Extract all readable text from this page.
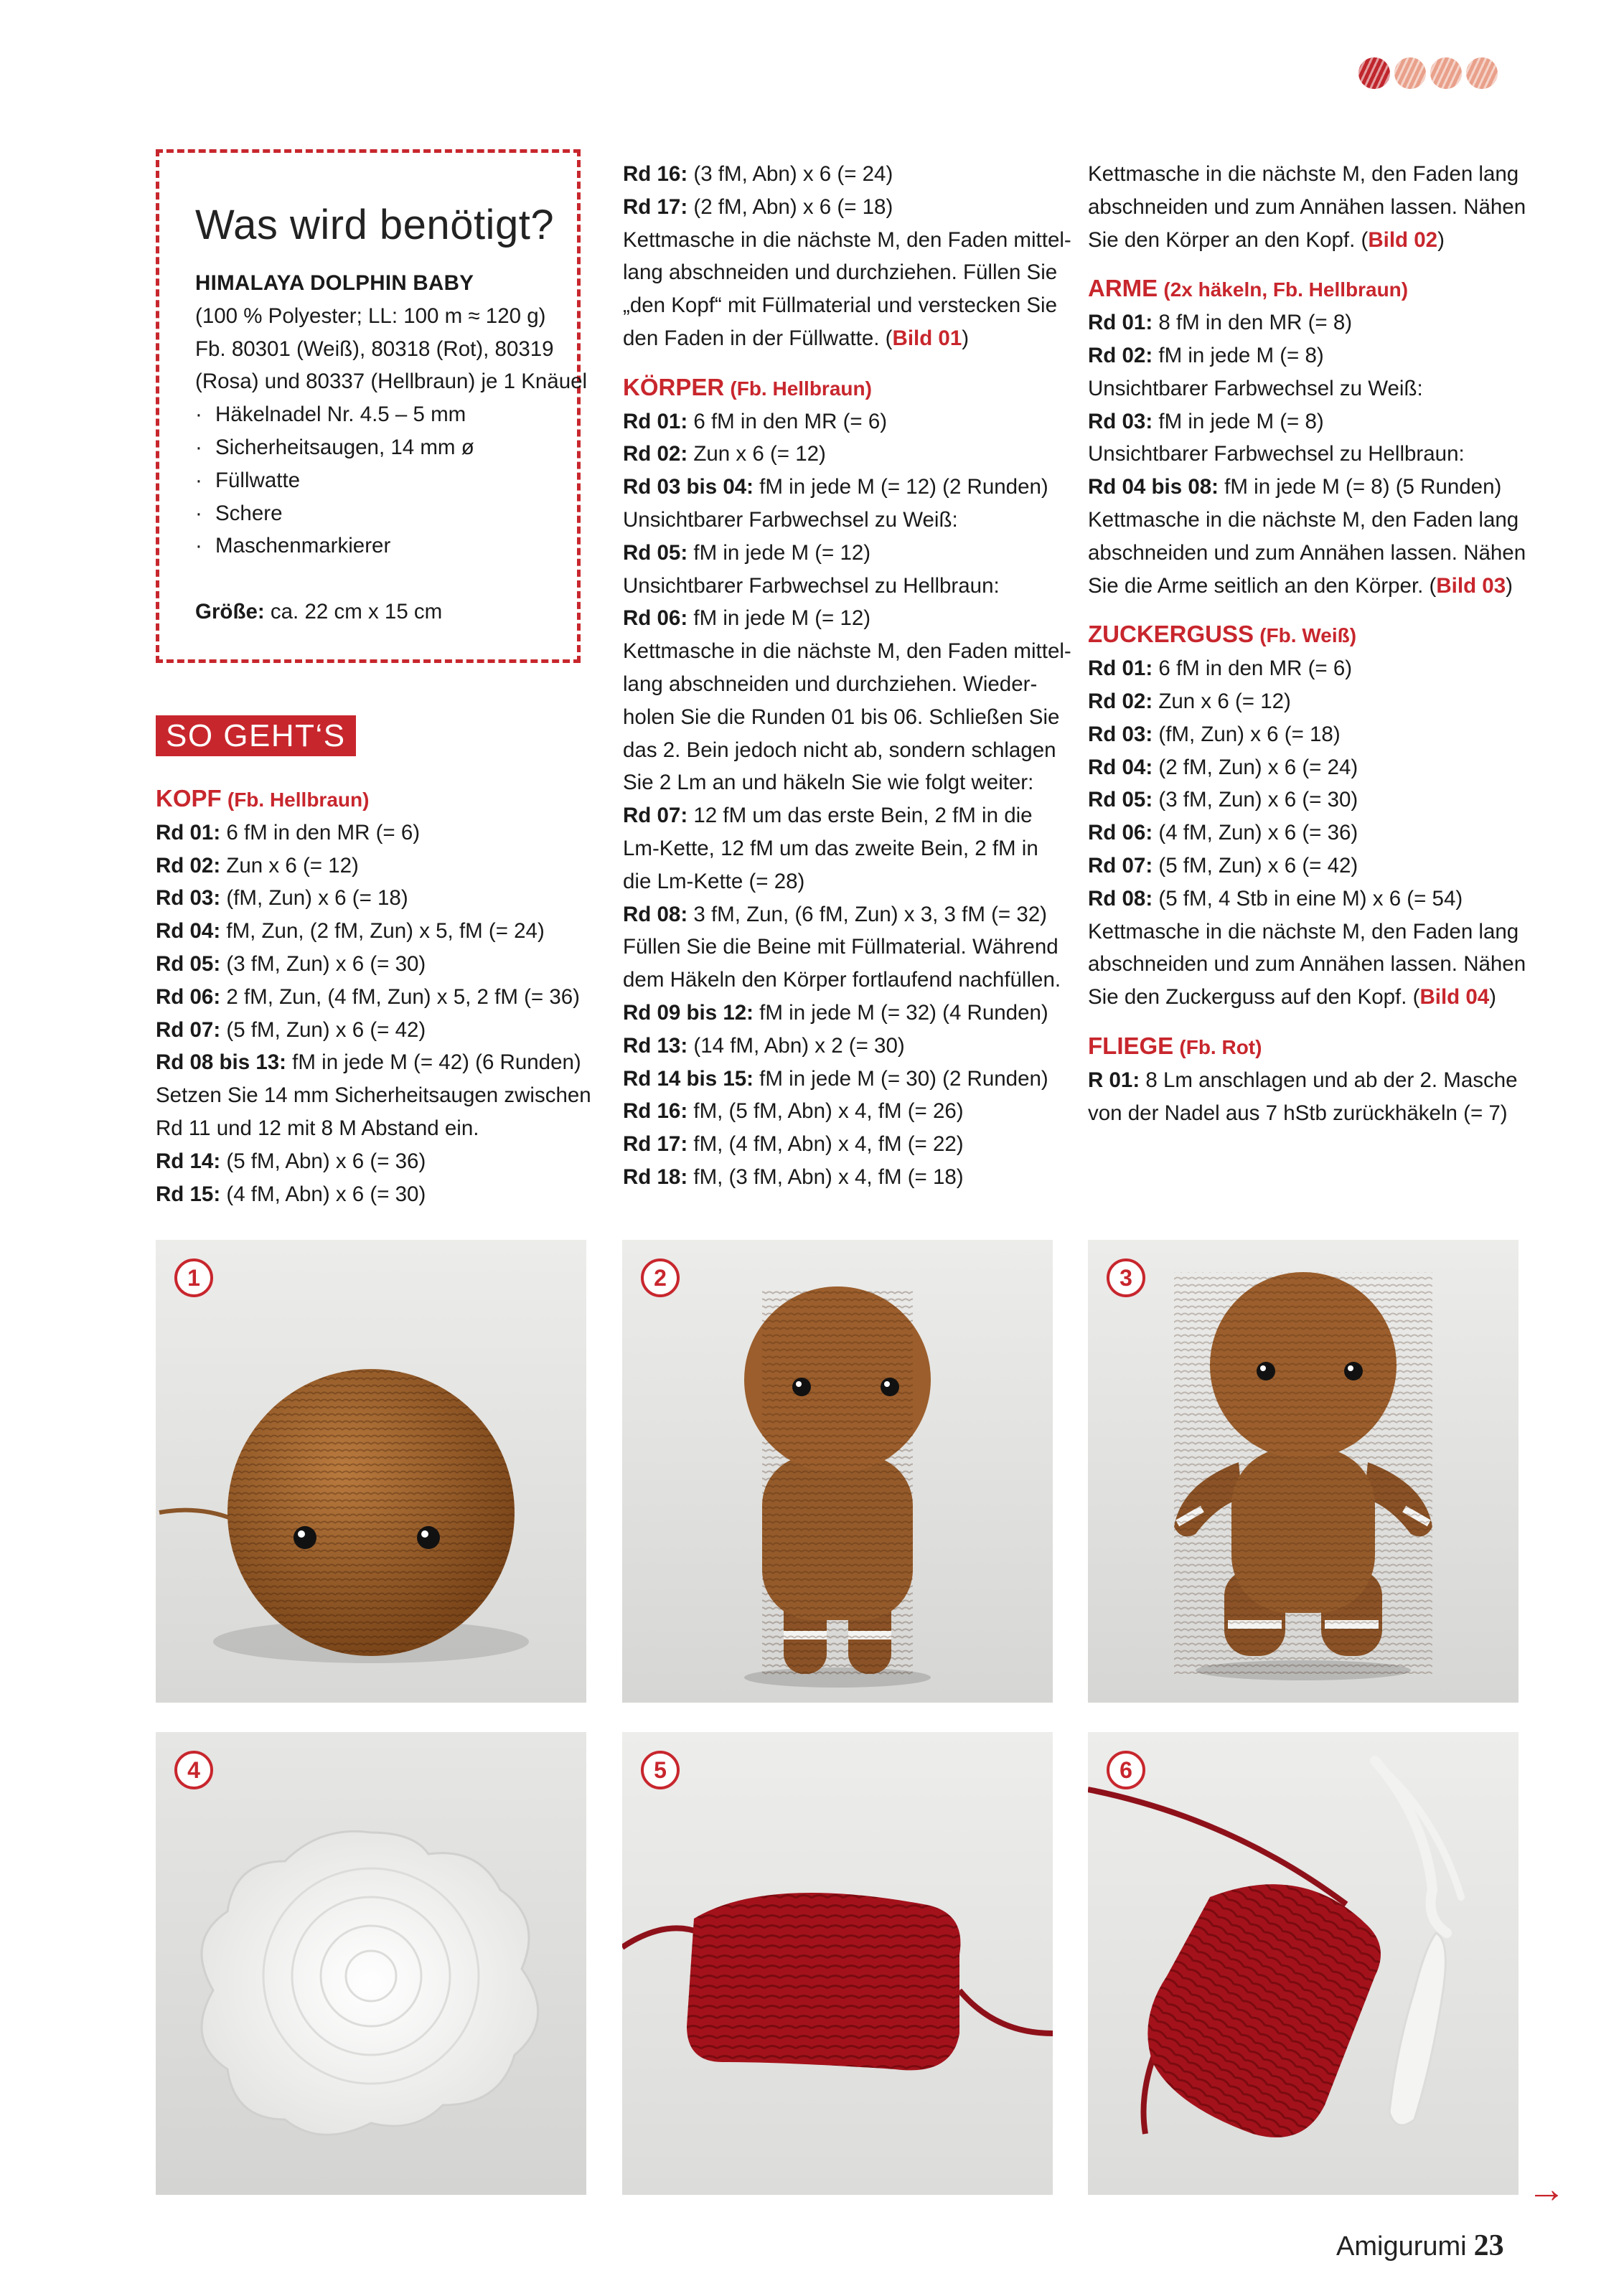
Was wird benötigt?
HIMALAYA DOLPHIN BABY
(100 % Polyester; LL: 100 m ≈ 120 g)
Fb. 80301 (Weiß), 80318 (Rot), 80319
(Rosa) und 80337 (Hellbraun) je 1 Knäuel
· Häkelnadel Nr. 4.5 – 5 mm
· Sicherheitsaugen, 14 mm ø
· Füllwatte
· Schere
· Maschenmarkierer
Größe: ca. 22 cm x 15 cm
SO GEHT‘S
KOPF (Fb. Hellbraun)
Rd 01: 6 fM in den MR (= 6)
Rd 02: Zun x 6 (= 12)
Rd 03: (fM, Zun) x 6 (= 18)
Rd 04: fM, Zun, (2 fM, Zun) x 5, fM (= 24)
Rd 05: (3 fM, Zun) x 6 (= 30)
Rd 06: 2 fM, Zun, (4 fM, Zun) x 5, 2 fM (= 36)
Rd 07: (5 fM, Zun) x 6 (= 42)
Rd 08 bis 13: fM in jede M (= 42) (6 Runden)
Setzen Sie 14 mm Sicherheitsaugen zwischen
Rd 11 und 12 mit 8 M Abstand ein.
Rd 14: (5 fM, Abn) x 6 (= 36)
Rd 15: (4 fM, Abn) x 6 (= 30)
Rd 16: (3 fM, Abn) x 6 (= 24)
Rd 17: (2 fM, Abn) x 6 (= 18)
Kettmasche in die nächste M, den Faden mittel-
lang abschneiden und durchziehen. Füllen Sie
„den Kopf“ mit Füllmaterial und verstecken Sie
den Faden in der Füllwatte. (Bild 01)
KÖRPER (Fb. Hellbraun)
Rd 01: 6 fM in den MR (= 6)
Rd 02: Zun x 6 (= 12)
Rd 03 bis 04: fM in jede M (= 12) (2 Runden)
Unsichtbarer Farbwechsel zu Weiß:
Rd 05: fM in jede M (= 12)
Unsichtbarer Farbwechsel zu Hellbraun:
Rd 06: fM in jede M (= 12)
Kettmasche in die nächste M, den Faden mittel-
lang abschneiden und durchziehen. Wieder-
holen Sie die Runden 01 bis 06. Schließen Sie
das 2. Bein jedoch nicht ab, sondern schlagen
Sie 2 Lm an und häkeln Sie wie folgt weiter:
Rd 07: 12 fM um das erste Bein, 2 fM in die
Lm-Kette, 12 fM um das zweite Bein, 2 fM in
die Lm-Kette (= 28)
Rd 08: 3 fM, Zun, (6 fM, Zun) x 3, 3 fM (= 32)
Füllen Sie die Beine mit Füllmaterial. Während
dem Häkeln den Körper fortlaufend nachfüllen.
Rd 09 bis 12: fM in jede M (= 32) (4 Runden)
Rd 13: (14 fM, Abn) x 2 (= 30)
Rd 14 bis 15: fM in jede M (= 30) (2 Runden)
Rd 16: fM, (5 fM, Abn) x 4, fM (= 26)
Rd 17: fM, (4 fM, Abn) x 4, fM (= 22)
Rd 18: fM, (3 fM, Abn) x 4, fM (= 18)
Kettmasche in die nächste M, den Faden lang
abschneiden und zum Annähen lassen. Nähen
Sie den Körper an den Kopf. (Bild 02)
ARME (2x häkeln, Fb. Hellbraun)
Rd 01: 8 fM in den MR (= 8)
Rd 02: fM in jede M (= 8)
Unsichtbarer Farbwechsel zu Weiß:
Rd 03: fM in jede M (= 8)
Unsichtbarer Farbwechsel zu Hellbraun:
Rd 04 bis 08: fM in jede M (= 8) (5 Runden)
Kettmasche in die nächste M, den Faden lang
abschneiden und zum Annähen lassen. Nähen
Sie die Arme seitlich an den Körper. (Bild 03)
ZUCKERGUSS (Fb. Weiß)
Rd 01: 6 fM in den MR (= 6)
Rd 02: Zun x 6 (= 12)
Rd 03: (fM, Zun) x 6 (= 18)
Rd 04: (2 fM, Zun) x 6 (= 24)
Rd 05: (3 fM, Zun) x 6 (= 30)
Rd 06: (4 fM, Zun) x 6 (= 36)
Rd 07: (5 fM, Zun) x 6 (= 42)
Rd 08: (5 fM, 4 Stb in eine M) x 6 (= 54)
Kettmasche in die nächste M, den Faden lang
abschneiden und zum Annähen lassen. Nähen
Sie den Zuckerguss auf den Kopf. (Bild 04)
FLIEGE (Fb. Rot)
R 01: 8 Lm anschlagen und ab der 2. Masche
von der Nadel aus 7 hStb zurückhäkeln (= 7)
1	2	3
4	5	6
→
Amigurumi 23
